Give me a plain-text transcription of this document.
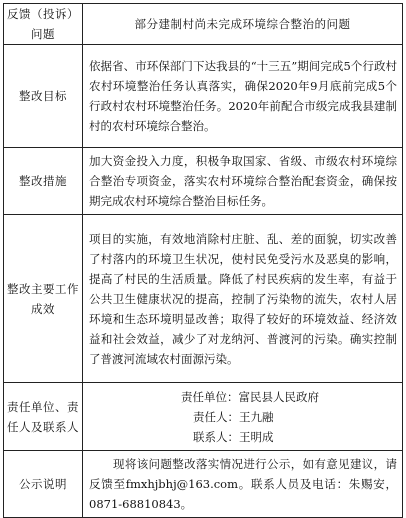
反馈（投诉）问题	部分建制村尚未完成环境综合整治的问题
整改目标	依据省、市环保部门下达我县的“十三五”期间完成5个行政村农村环境整治任务认真落实，确保2020年9月底前完成5个行政村农村环境整治任务。2020年前配合市级完成我县建制村的农村环境综合整治。
整改措施	加大资金投入力度，积极争取国家、省级、市级农村环境综合整治专项资金，落实农村环境综合整治配套资金，确保按期完成农村环境综合整治目标任务。
整改主要工作成效	项目的实施，有效地消除村庄脏、乱、差的面貌，切实改善了村落内的环境卫生状况，使村民免受污水及恶臭的影响，提高了村民的生活质量。降低了村民疾病的发生率，有益于公共卫生健康状况的提高，控制了污染物的流失，农村人居环境和生态环境明显改善；取得了较好的环境效益、经济效益和社会效益，减少了对龙纳河、普渡河的污染。确实控制了普渡河流域农村面源污染。
责任单位、责任人及联系人	责任单位：富民县人民政府
责任人：王九融
联系人：王明成

公示说明	现将该问题整改落实情况进行公示，如有意见建议，请反馈至fmxhjbhj@163.com。联系人员及电话：朱赐安，0871-68810843。
